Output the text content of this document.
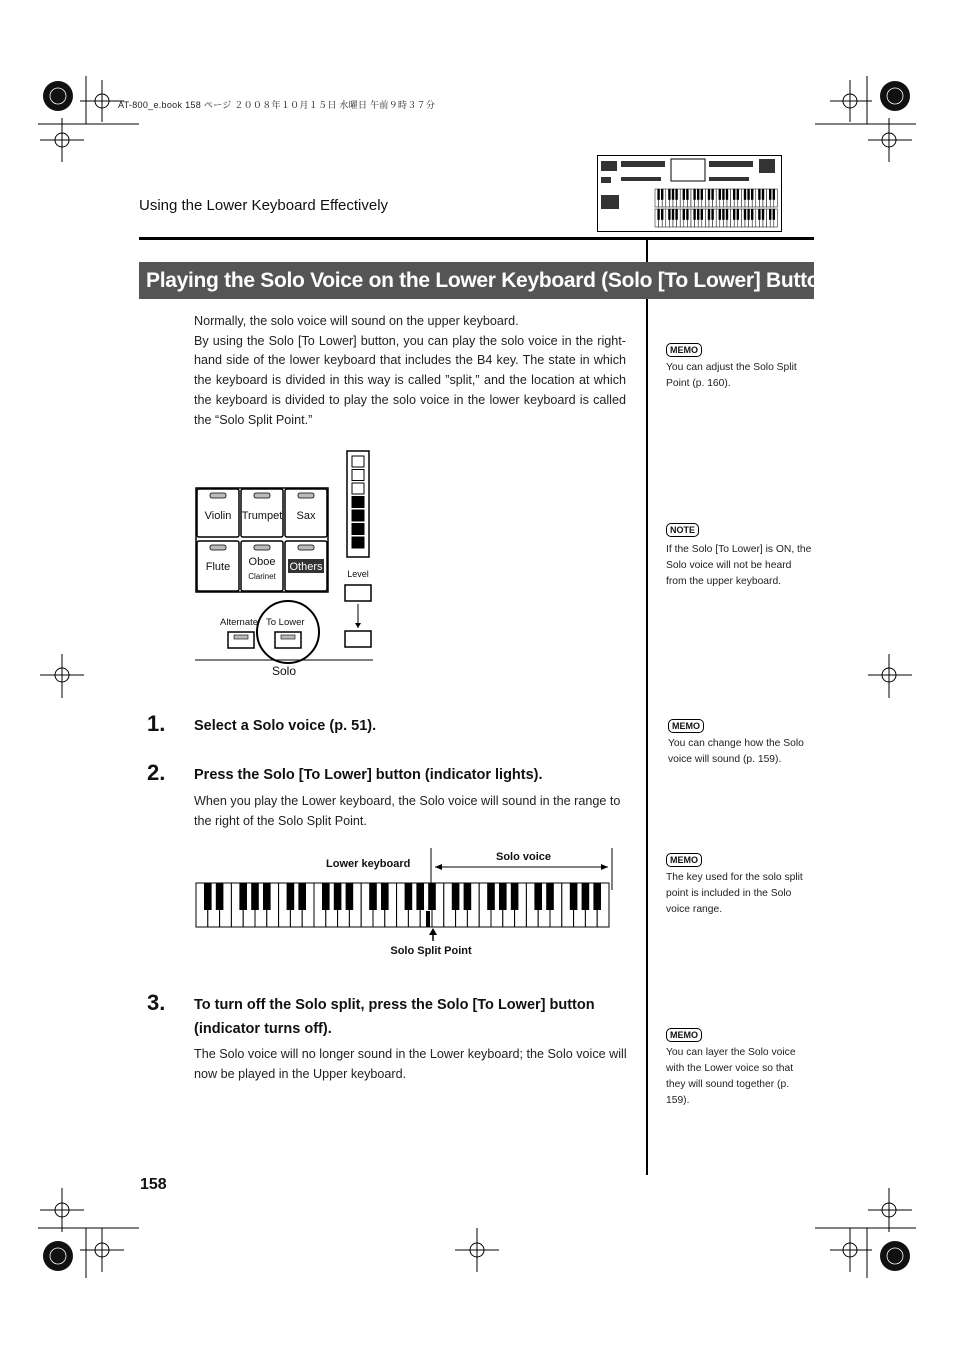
AT-800_e.book 158 ページ ２００８年１０月１５日 水曜日 午前９時３７分
Using the Lower Keyboard Effectively
Playing the Solo Voice on the Lower Keyboard (Solo [To Lower] Button)
Normally, the solo voice will sound on the upper keyboard.
By using the Solo [To Lower] button, you can play the solo voice in the right-hand side of the lower keyboard that includes the B4 key. The state in which the keyboard is divided in this way is called ”split,” and the location at which the keyboard is divided to play the solo voice in the lower keyboard is called the “Solo Split Point.”
Violin Trumpet Sax
Flute Oboe
Clarinet
Others
Level
Alternate To Lower
Solo
1. Select a Solo voice (p. 51).
2. Press the Solo [To Lower] button (indicator lights).
When you play the Lower keyboard, the Solo voice will sound in the range to the right of the Solo Split Point.
Lower keyboard
Solo voice
Solo Split Point
3. To turn off the Solo split, press the Solo [To Lower] button (indicator turns off).
The Solo voice will no longer sound in the Lower keyboard; the Solo voice will now be played in the Upper keyboard.
MEMO
You can adjust the Solo Split Point (p. 160).
NOTE
If the Solo [To Lower] is ON, the Solo voice will not be heard from the upper keyboard.
MEMO
You can change how the Solo voice will sound (p. 159).
MEMO
The key used for the solo split point is included in the Solo voice range.
MEMO
You can layer the Solo voice with the Lower voice so that they will sound together (p. 159).
158
